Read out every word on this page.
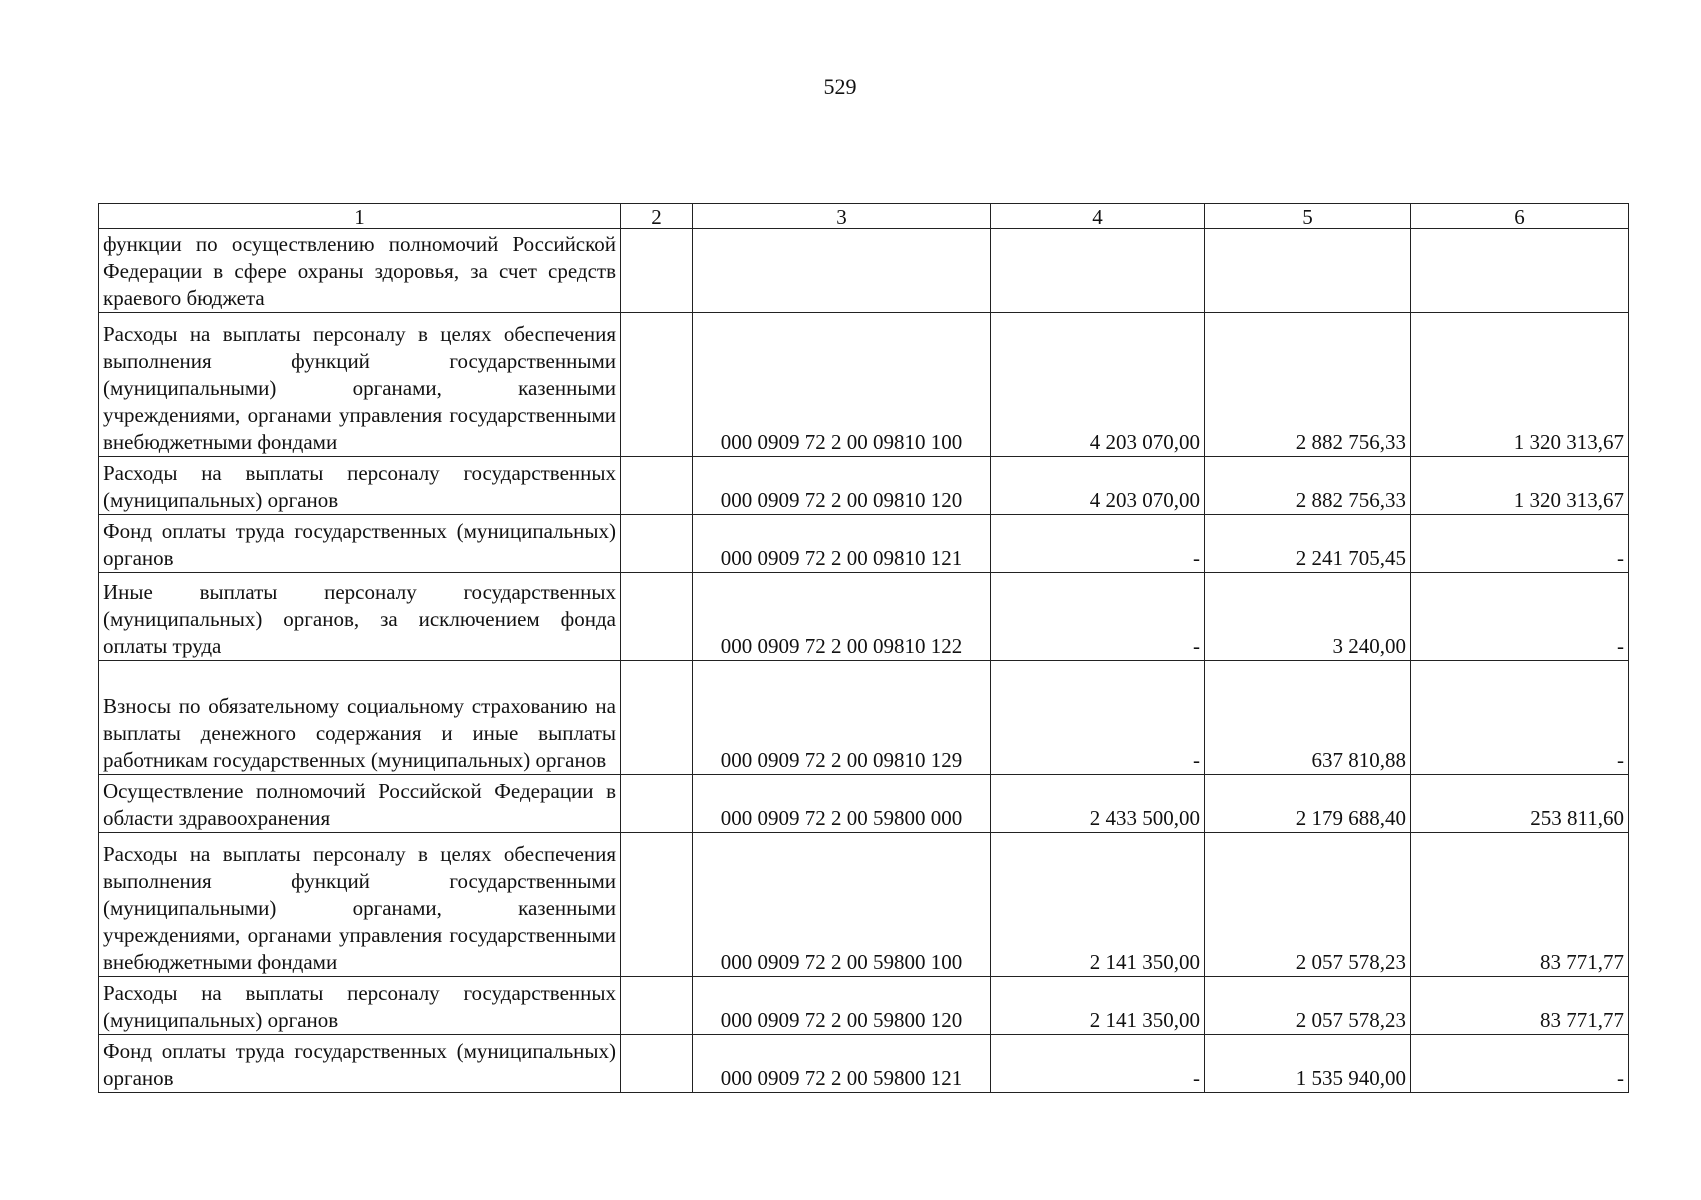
529
1	2	3	4	5	6
функции по осуществлению полномочий Российской Федерации в сфере охраны здоровья, за счет средств краевого бюджета					
Расходы на выплаты персоналу в целях обеспечения выполнения функций государственными (муниципальными) органами, казенными учреждениями, органами управления государственными внебюджетными фондами		000 0909 72 2 00 09810 100	4 203 070,00	2 882 756,33	1 320 313,67
Расходы на выплаты персоналу государственных (муниципальных) органов		000 0909 72 2 00 09810 120	4 203 070,00	2 882 756,33	1 320 313,67
Фонд оплаты труда государственных (муниципальных) органов		000 0909 72 2 00 09810 121	-	2 241 705,45	-
Иные выплаты персоналу государственных (муниципальных) органов, за исключением фонда оплаты труда		000 0909 72 2 00 09810 122	-	3 240,00	-
Взносы по обязательному социальному страхованию на выплаты денежного содержания и иные выплаты работникам государственных (муниципальных) органов		000 0909 72 2 00 09810 129	-	637 810,88	-
Осуществление полномочий Российской Федерации в области здравоохранения		000 0909 72 2 00 59800 000	2 433 500,00	2 179 688,40	253 811,60
Расходы на выплаты персоналу в целях обеспечения выполнения функций государственными (муниципальными) органами, казенными учреждениями, органами управления государственными внебюджетными фондами		000 0909 72 2 00 59800 100	2 141 350,00	2 057 578,23	83 771,77
Расходы на выплаты персоналу государственных (муниципальных) органов		000 0909 72 2 00 59800 120	2 141 350,00	2 057 578,23	83 771,77
Фонд оплаты труда государственных (муниципальных) органов		000 0909 72 2 00 59800 121	-	1 535 940,00	-
